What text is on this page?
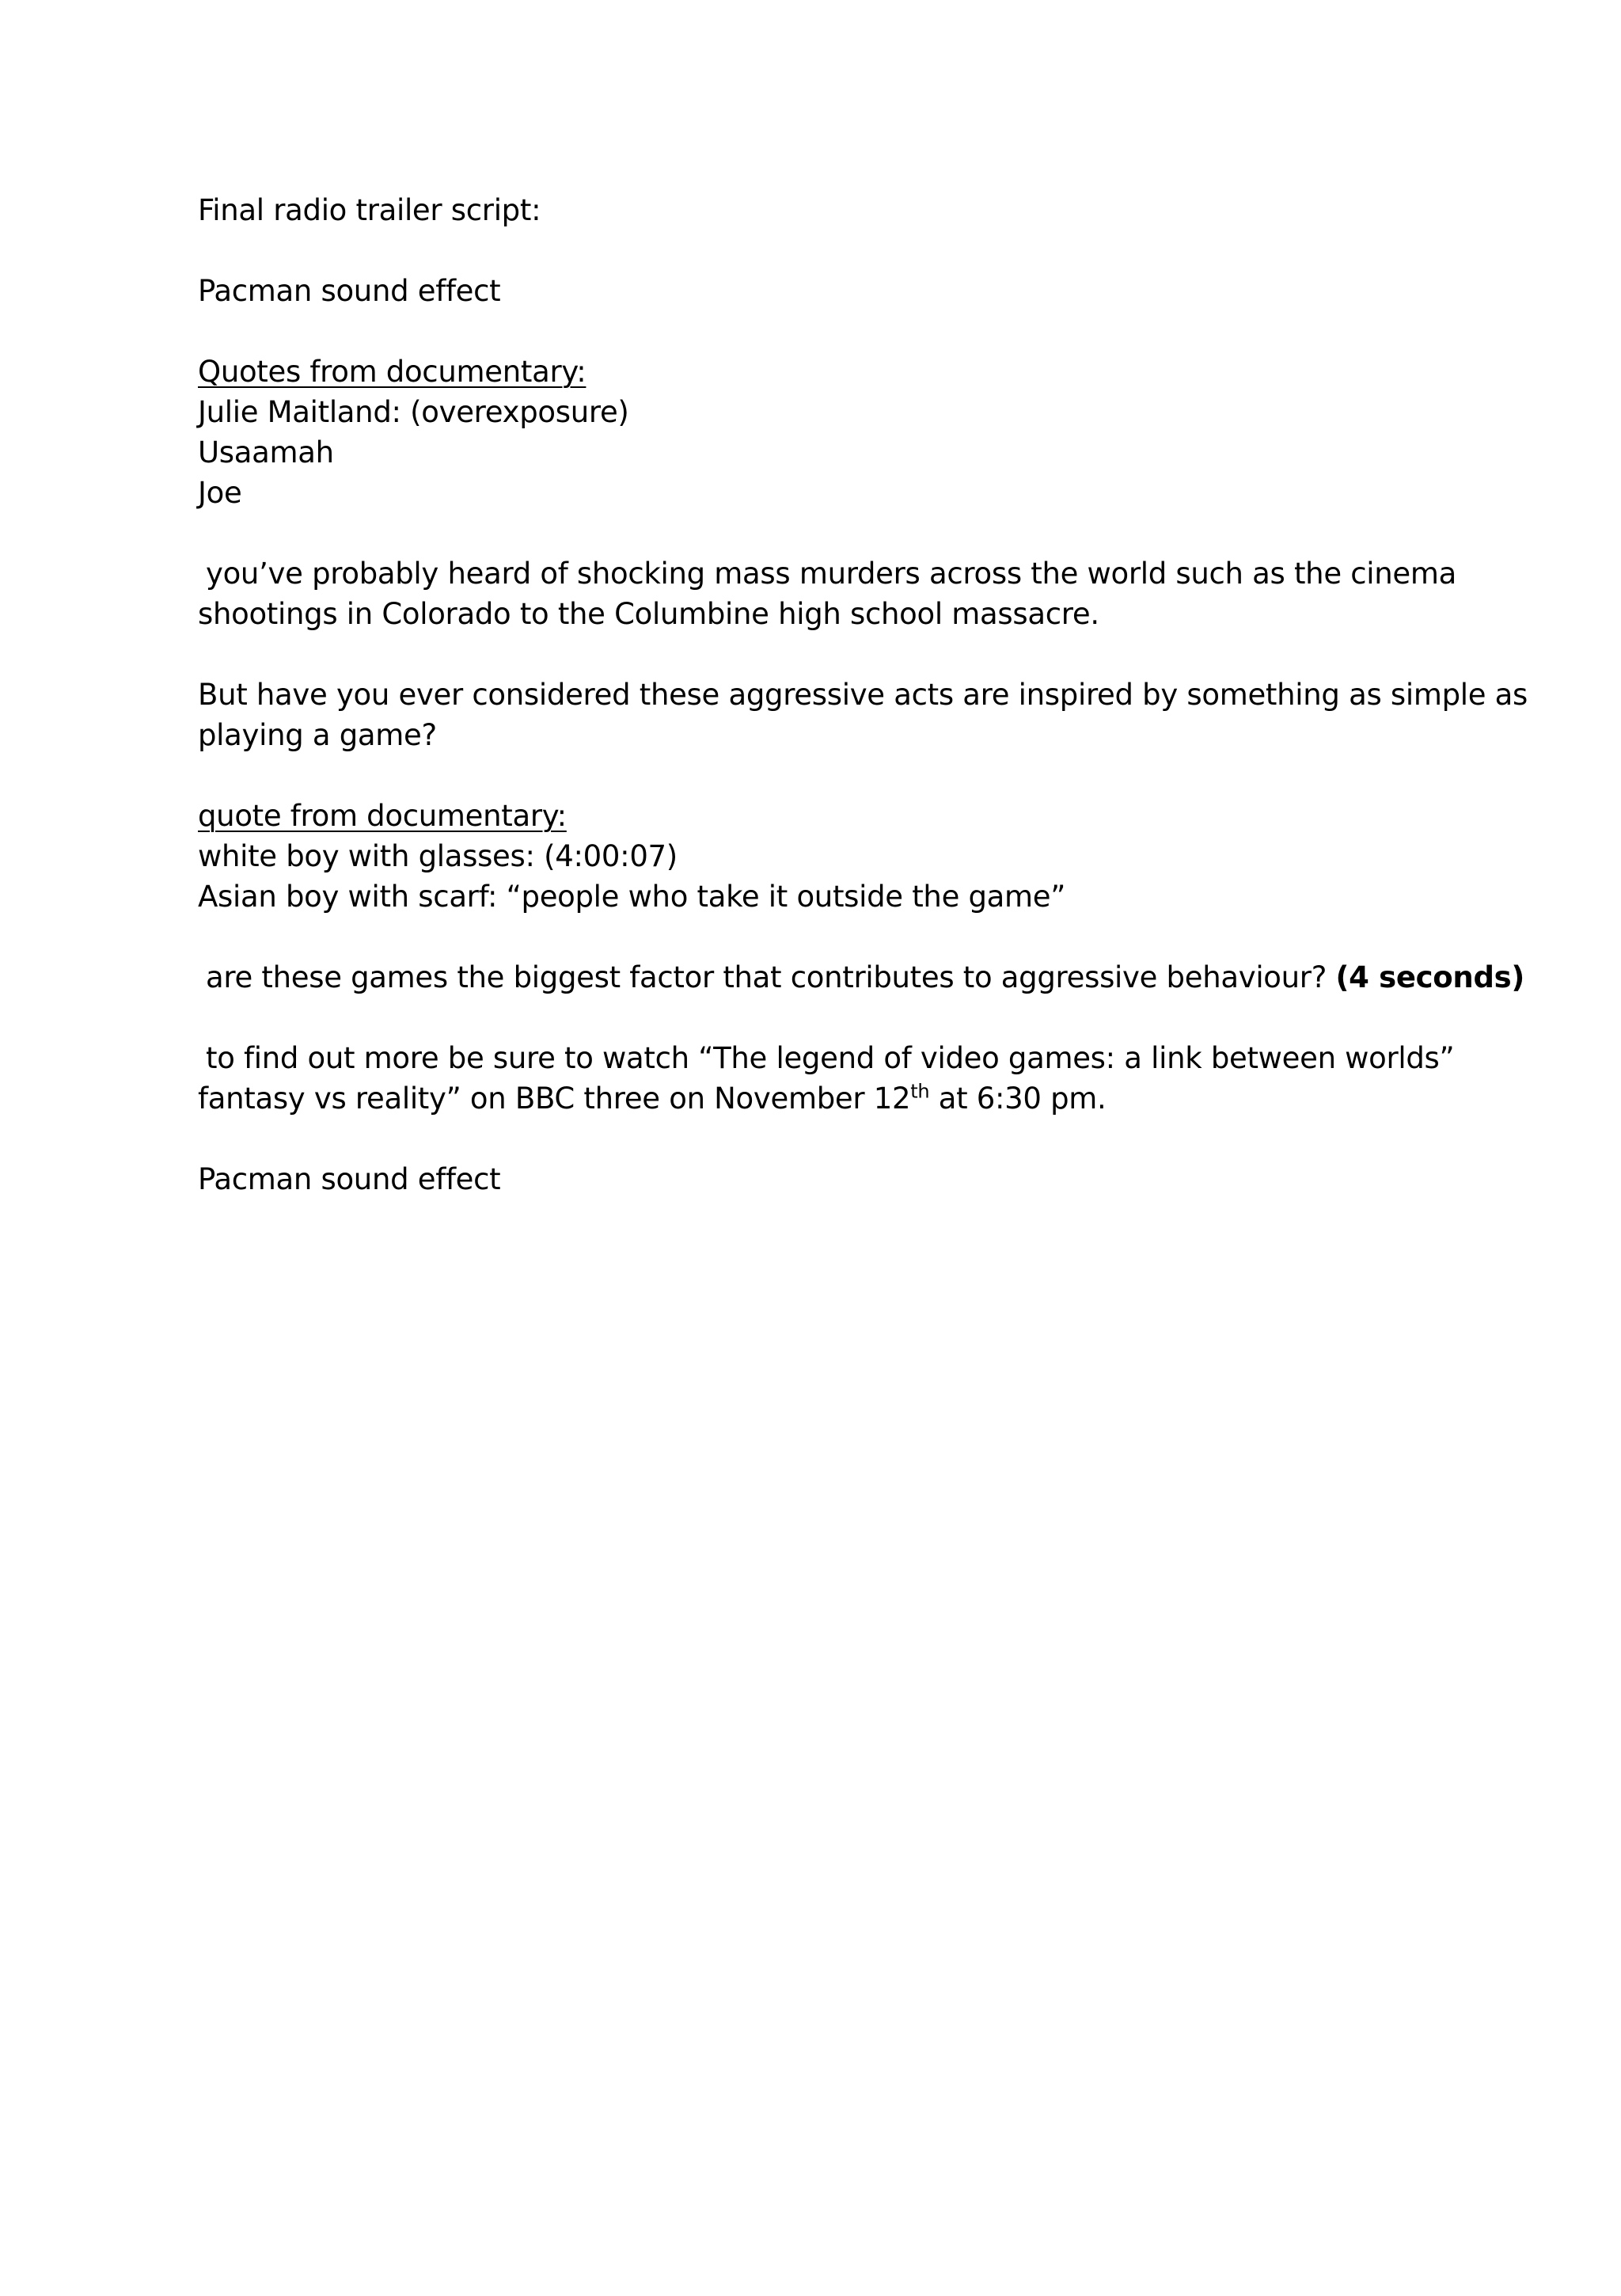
Final radio trailer script:
Pacman sound effect
Quotes from documentary:
Julie Maitland: (overexposure)
Usaamah
Joe
you’ve probably heard of shocking mass murders across the world such as the cinema
shootings in Colorado to the Columbine high school massacre.
But have you ever considered these aggressive acts are inspired by something as simple as
playing a game?
quote from documentary:
white boy with glasses: (4:00:07)
Asian boy with scarf: “people who take it outside the game”
are these games the biggest factor that contributes to aggressive behaviour? (4 seconds)
to find out more be sure to watch “The legend of video games: a link between worlds”
fantasy vs reality” on BBC three on November 12th at 6:30 pm.
Pacman sound effect
